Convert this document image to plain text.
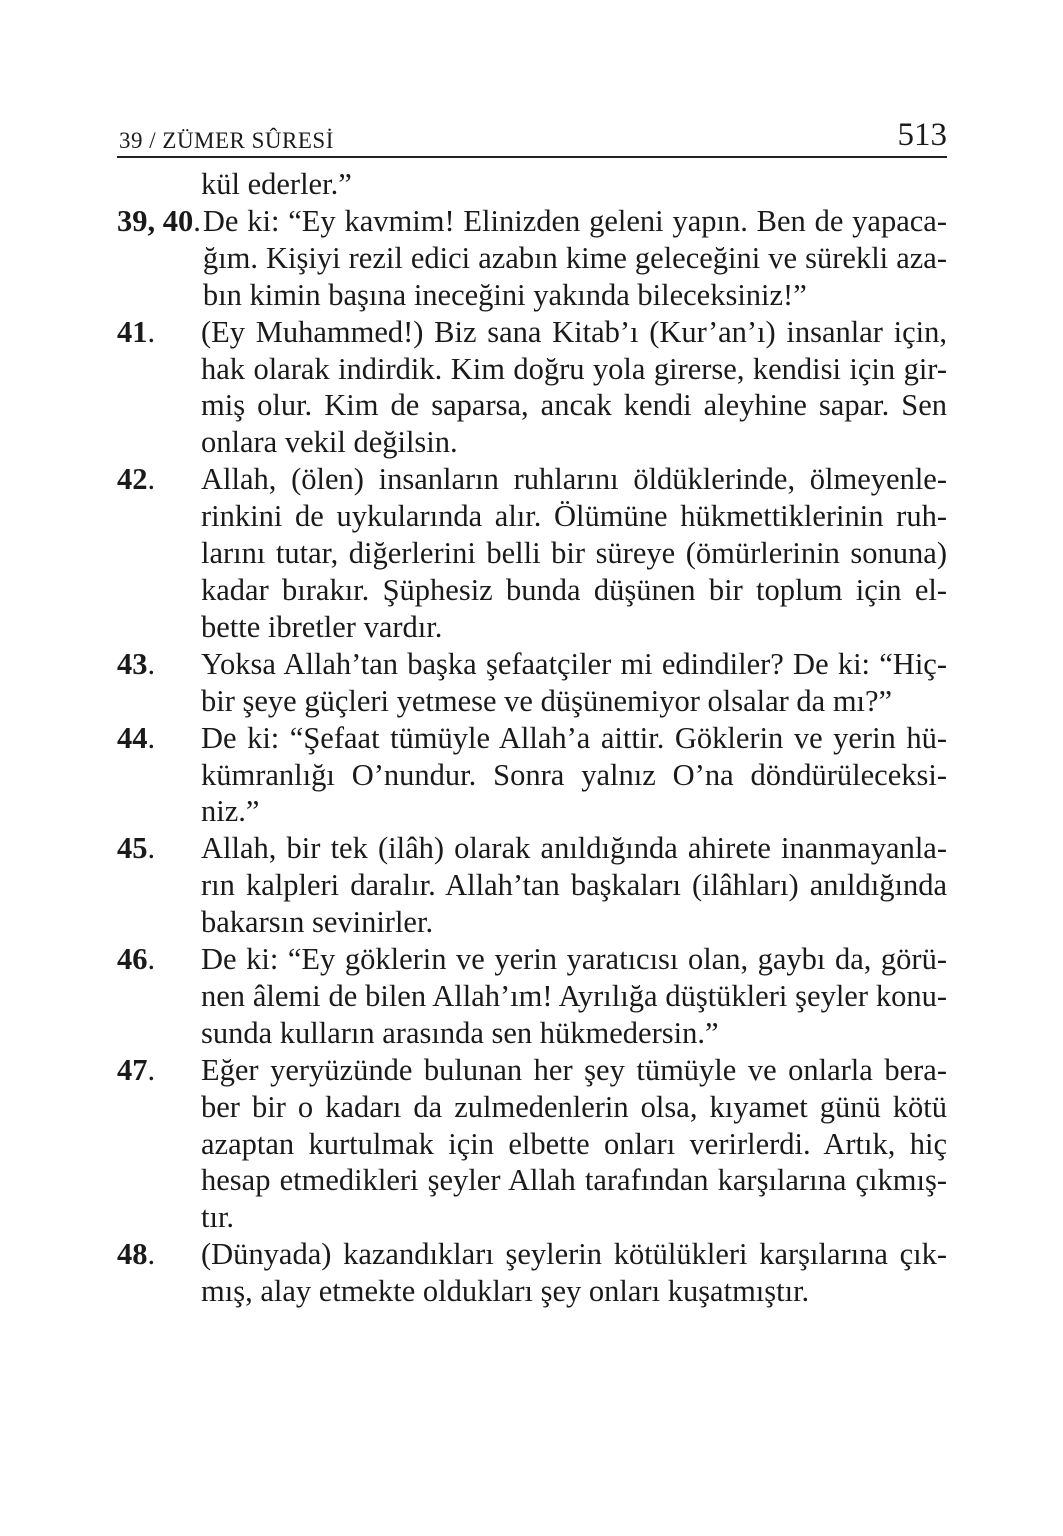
39 / ZÜMER SÛRESİ	513
kül ederler.”
39, 40. De ki: “Ey kavmim! Elinizden geleni yapın. Ben de yapaca-
ğım. Kişiyi rezil edici azabın kime geleceğini ve sürekli aza-
bın kimin başına ineceğini yakında bileceksiniz!”
41.	(Ey Muhammed!) Biz sana Kitab’ı (Kur’an’ı) insanlar için,
hak olarak indirdik. Kim doğru yola girerse, kendisi için gir-
miş olur. Kim de saparsa, ancak kendi aleyhine sapar. Sen
onlara vekil değilsin.
42.	Allah, (ölen) insanların ruhlarını öldüklerinde, ölmeyenle-
rinkini de uykularında alır. Ölümüne hükmettiklerinin ruh-
larını tutar, diğerlerini belli bir süreye (ömürlerinin sonuna)
kadar bırakır. Şüphesiz bunda düşünen bir toplum için el-
bette ibretler vardır.
43.	Yoksa Allah’tan başka şefaatçiler mi edindiler? De ki: “Hiç-
bir şeye güçleri yetmese ve düşünemiyor olsalar da mı?”
44.	De ki: “Şefaat tümüyle Allah’a aittir. Göklerin ve yerin hü-
kümranlığı O’nundur. Sonra yalnız O’na döndürüleceksi-
niz.”
45.	Allah, bir tek (ilâh) olarak anıldığında ahirete inanmayanla-
rın kalpleri daralır. Allah’tan başkaları (ilâhları) anıldığında
bakarsın sevinirler.
46.	De ki: “Ey göklerin ve yerin yaratıcısı olan, gaybı da, görü-
nen âlemi de bilen Allah’ım! Ayrılığa düştükleri şeyler konu-
sunda kulların arasında sen hükmedersin.”
47.	Eğer yeryüzünde bulunan her şey tümüyle ve onlarla bera-
ber bir o kadarı da zulmedenlerin olsa, kıyamet günü kötü
azaptan kurtulmak için elbette onları verirlerdi. Artık, hiç
hesap etmedikleri şeyler Allah tarafından karşılarına çıkmış-
tır.
48.	(Dünyada) kazandıkları şeylerin kötülükleri karşılarına çık-
mış, alay etmekte oldukları şey onları kuşatmıştır.
